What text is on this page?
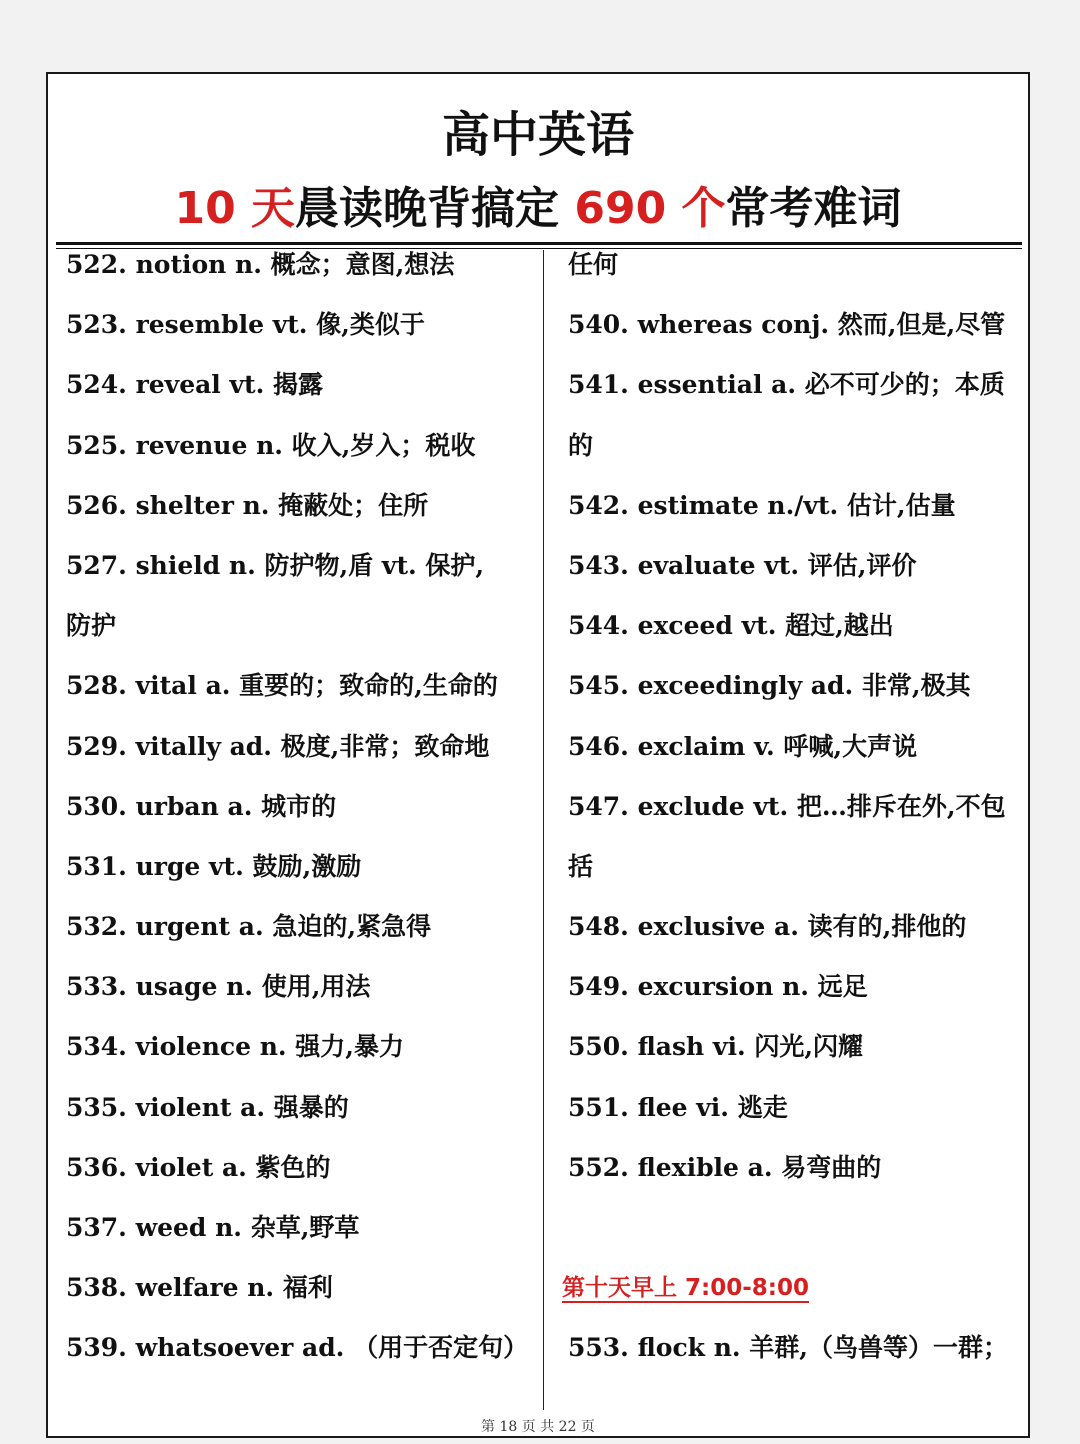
高中英语
10 天晨读晚背搞定 690 个常考难词
522. notion n. 概念；意图,想法
523. resemble vt. 像,类似于
524. reveal vt. 揭露
525. revenue n. 收入,岁入；税收
526. shelter n. 掩蔽处；住所
527. shield n. 防护物,盾 vt. 保护,
防护
528. vital a. 重要的；致命的,生命的
529. vitally ad. 极度,非常；致命地
530. urban a. 城市的
531. urge vt. 鼓励,激励
532. urgent a. 急迫的,紧急得
533. usage n. 使用,用法
534. violence n. 强力,暴力
535. violent a. 强暴的
536. violet a. 紫色的
537. weed n. 杂草,野草
538. welfare n. 福利
539. whatsoever ad. （用于否定句）
任何
540. whereas conj. 然而,但是,尽管
541. essential a. 必不可少的；本质
的
542. estimate n./vt. 估计,估量
543. evaluate vt. 评估,评价
544. exceed vt. 超过,越出
545. exceedingly ad. 非常,极其
546. exclaim v. 呼喊,大声说
547. exclude vt. 把…排斥在外,不包
括
548. exclusive a. 读有的,排他的
549. excursion n. 远足
550. flash vi. 闪光,闪耀
551. flee vi. 逃走
552. flexible a. 易弯曲的
第十天早上 7:00-8:00
553. flock n. 羊群,（鸟兽等）一群；
第 18 页 共 22 页
